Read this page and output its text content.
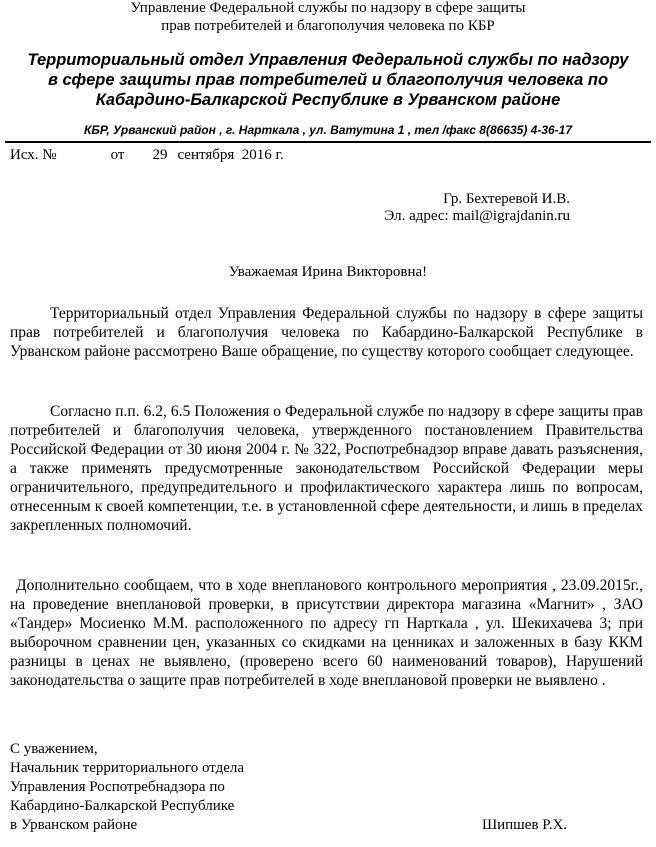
Управление Федеральной службы по надзору в сфере защиты
прав потребителей и благополучия человека по КБР
Территориальный отдел Управления Федеральной службы по надзору
в сфере защиты прав потребителей и благополучия человека по
Кабардино-Балкарской Республике в Урванском районе
КБР, Урванский район , г. Нарткала , ул. Ватутина 1 , тел /факс 8(86635) 4-36-17
Исх. №	от 29 сентября  2016 г.
Гр. Бехтеревой И.В.
Эл. адрес: mail@igrajdanin.ru
Уважаемая Ирина Викторовна!
Территориальный отдел Управления Федеральной службы по надзору в сфере защиты прав потребителей и благополучия человека по Кабардино-Балкарской Республике в Урванском районе рассмотрено Ваше обращение, по существу которого сообщает следующее.
Согласно п.п. 6.2, 6.5 Положения о Федеральной службе по надзору в сфере защиты прав потребителей и благополучия человека, утвержденного постановлением Правительства Российской Федерации от 30 июня 2004 г. № 322, Роспотребнадзор вправе давать разъяснения, а также применять предусмотренные законодательством Российской Федерации меры ограничительного, предупредительного и профилактического характера лишь по вопросам, отнесенным к своей компетенции, т.е. в установленной сфере деятельности, и лишь в пределах закрепленных полномочий.
Дополнительно сообщаем, что в ходе внепланового контрольного мероприятия , 23.09.2015г., на проведение внеплановой проверки, в присутствии директора магазина «Магнит» , ЗАО «Тандер» Мосиенко М.М. расположенного по адресу гп Нарткала , ул. Шекихачева 3; при выборочном сравнении цен, указанных со скидками на ценниках и заложенных в базу ККМ разницы в ценах не выявлено, (проверено всего 60 наименований товаров), Нарушений законодательства о защите прав потребителей в ходе внеплановой проверки не выявлено .
С уважением,
Начальник территориального отдела
Управления Роспотребнадзора по
Кабардино-Балкарской Республике
в Урванском районе	Шипшев Р.Х.
